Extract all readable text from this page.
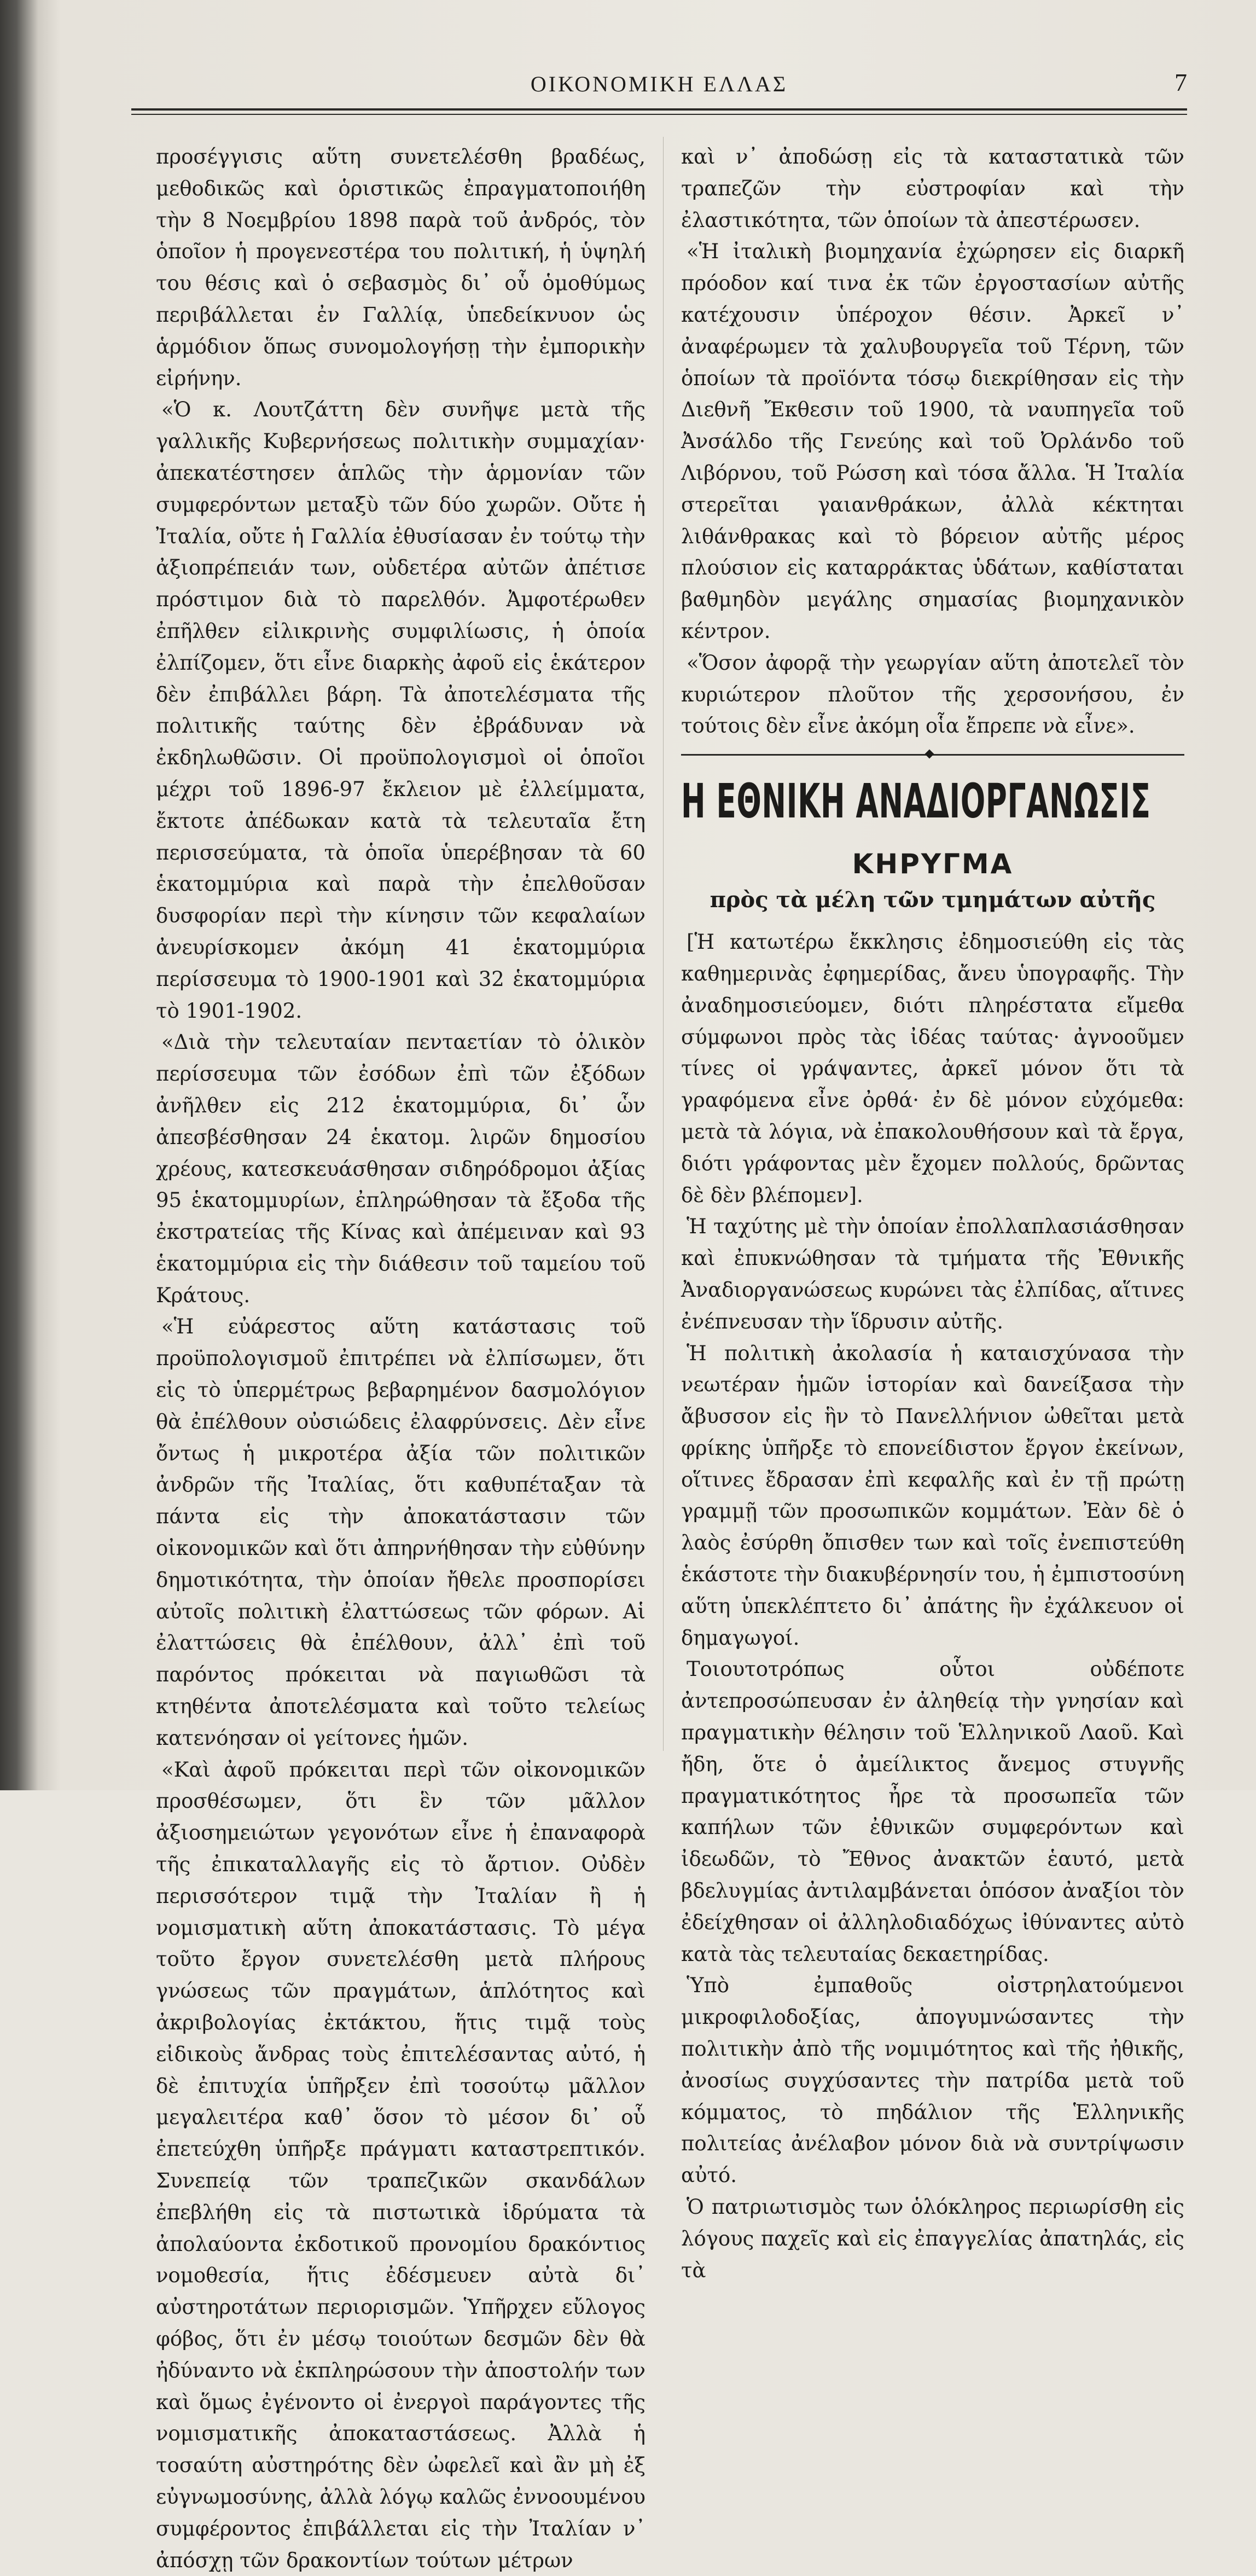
ΟΙΚΟΝΟΜΙΚΗ ΕΛΛΑΣ	7

προσέγγισις αὕτη συνετελέσθη βραδέως, μεθοδικῶς καὶ ὁριστικῶς ἐπραγματοποιήθη τὴν 8 Νοεμβρίου 1898 παρὰ τοῦ ἀνδρός, τὸν ὁποῖον ἡ προγενεστέρα του πολιτική, ἡ ὑψηλή του θέσις καὶ ὁ σεβασμὸς δι᾽ οὗ ὁμοθύμως περιβάλλεται ἐν Γαλλίᾳ, ὑπεδείκνυον ὡς ἁρμόδιον ὅπως συνομολογήσῃ τὴν ἐμπορικὴν εἰρήνην.

«Ὁ κ. Λουτζάττη δὲν συνῆψε μετὰ τῆς γαλλικῆς Κυβερνήσεως πολιτικὴν συμμαχίαν· ἀπεκατέστησεν ἁπλῶς τὴν ἁρμονίαν τῶν συμφερόντων μεταξὺ τῶν δύο χωρῶν. Οὔτε ἡ Ἰταλία, οὔτε ἡ Γαλλία ἐθυσίασαν ἐν τούτῳ τὴν ἀξιοπρέπειάν των, οὐδετέρα αὐτῶν ἀπέτισε πρόστιμον διὰ τὸ παρελθόν. Ἀμφοτέρωθεν ἐπῆλθεν εἰλικρινὴς συμφιλίωσις, ἡ ὁποία ἐλπίζομεν, ὅτι εἶνε διαρκὴς ἀφοῦ εἰς ἑκάτερον δὲν ἐπιβάλλει βάρη. Τὰ ἀποτελέσματα τῆς πολιτικῆς ταύτης δὲν ἐβράδυναν νὰ ἐκδηλωθῶσιν. Οἱ προϋπολογισμοὶ οἱ ὁποῖοι μέχρι τοῦ 1896-97 ἔκλειον μὲ ἐλλείμματα, ἔκτοτε ἀπέδωκαν κατὰ τὰ τελευταῖα ἔτη περισσεύματα, τὰ ὁποῖα ὑπερέβησαν τὰ 60 ἑκατομμύρια καὶ παρὰ τὴν ἐπελθοῦσαν δυσφορίαν περὶ τὴν κίνησιν τῶν κεφαλαίων ἀνευρίσκομεν ἀκόμη 41 ἑκατομμύρια περίσσευμα τὸ 1900-1901 καὶ 32 ἑκατομμύρια τὸ 1901-1902.

«Διὰ τὴν τελευταίαν πενταετίαν τὸ ὁλικὸν περίσσευμα τῶν ἐσόδων ἐπὶ τῶν ἐξόδων ἀνῆλθεν εἰς 212 ἑκατομμύρια, δι᾽ ὧν ἀπεσβέσθησαν 24 ἑκατομ. λιρῶν δημοσίου χρέους, κατεσκευάσθησαν σιδηρόδρομοι ἀξίας 95 ἑκατομμυρίων, ἐπληρώθησαν τὰ ἔξοδα τῆς ἐκστρατείας τῆς Κίνας καὶ ἀπέμειναν καὶ 93 ἑκατομμύρια εἰς τὴν διάθεσιν τοῦ ταμείου τοῦ Κράτους.

«Ἡ εὐάρεστος αὕτη κατάστασις τοῦ προϋπολογισμοῦ ἐπιτρέπει νὰ ἐλπίσωμεν, ὅτι εἰς τὸ ὑπερμέτρως βεβαρημένον δασμολόγιον θὰ ἐπέλθουν οὐσιώδεις ἐλαφρύνσεις. Δὲν εἶνε ὄντως ἡ μικροτέρα ἀξία τῶν πολιτικῶν ἀνδρῶν τῆς Ἰταλίας, ὅτι καθυπέταξαν τὰ πάντα εἰς τὴν ἀποκατάστασιν τῶν οἰκονομικῶν καὶ ὅτι ἀπηρνήθησαν τὴν εὐθύνην δημοτικότητα, τὴν ὁποίαν ἤθελε προσπορίσει αὐτοῖς πολιτικὴ ἐλαττώσεως τῶν φόρων. Αἱ ἐλαττώσεις θὰ ἐπέλθουν, ἀλλ᾽ ἐπὶ τοῦ παρόντος πρόκειται νὰ παγιωθῶσι τὰ κτηθέντα ἀποτελέσματα καὶ τοῦτο τελείως κατενόησαν οἱ γείτονες ἡμῶν.

«Καὶ ἀφοῦ πρόκειται περὶ τῶν οἰκονομικῶν προσθέσωμεν, ὅτι ἓν τῶν μᾶλλον ἀξιοσημειώτων γεγονότων εἶνε ἡ ἐπαναφορὰ τῆς ἐπικαταλλαγῆς εἰς τὸ ἄρτιον. Οὐδὲν περισσότερον τιμᾷ τὴν Ἰταλίαν ἢ ἡ νομισματικὴ αὕτη ἀποκατάστασις. Τὸ μέγα τοῦτο ἔργον συνετελέσθη μετὰ πλήρους γνώσεως τῶν πραγμάτων, ἁπλότητος καὶ ἀκριβολογίας ἐκτάκτου, ἥτις τιμᾷ τοὺς εἰδικοὺς ἄνδρας τοὺς ἐπιτελέσαντας αὐτό, ἡ δὲ ἐπιτυχία ὑπῆρξεν ἐπὶ τοσούτῳ μᾶλλον μεγαλειτέρα καθ᾽ ὅσον τὸ μέσον δι᾽ οὗ ἐπετεύχθη ὑπῆρξε πράγματι καταστρεπτικόν. Συνεπείᾳ τῶν τραπεζικῶν σκανδάλων ἐπεβλήθη εἰς τὰ πιστωτικὰ ἱδρύματα τὰ ἀπολαύοντα ἐκδοτικοῦ προνομίου δρακόντιος νομοθεσία, ἥτις ἐδέσμευεν αὐτὰ δι᾽ αὐστηροτάτων περιορισμῶν. Ὑπῆρχεν εὔλογος φόβος, ὅτι ἐν μέσῳ τοιούτων δεσμῶν δὲν θὰ ἠδύναντο νὰ ἐκπληρώσουν τὴν ἀποστολήν των καὶ ὅμως ἐγένοντο οἱ ἐνεργοὶ παράγοντες τῆς νομισματικῆς ἀποκαταστάσεως. Ἀλλὰ ἡ τοσαύτη αὐστηρότης δὲν ὠφελεῖ καὶ ἂν μὴ ἐξ εὐγνωμοσύνης, ἀλλὰ λόγῳ καλῶς ἐννοουμένου συμφέροντος ἐπιβάλλεται εἰς τὴν Ἰταλίαν ν᾽ ἀπόσχῃ τῶν δρακοντίων τούτων μέτρων

καὶ ν᾽ ἀποδώσῃ εἰς τὰ καταστατικὰ τῶν τραπεζῶν τὴν εὐστροφίαν καὶ τὴν ἐλαστικότητα, τῶν ὁποίων τὰ ἀπεστέρωσεν.

«Ἡ ἰταλικὴ βιομηχανία ἐχώρησεν εἰς διαρκῆ πρόοδον καί τινα ἐκ τῶν ἐργοστασίων αὐτῆς κατέχουσιν ὑπέροχον θέσιν. Ἀρκεῖ ν᾽ ἀναφέρωμεν τὰ χαλυβουργεῖα τοῦ Τέρνη, τῶν ὁποίων τὰ προϊόντα τόσῳ διεκρίθησαν εἰς τὴν Διεθνῆ Ἔκθεσιν τοῦ 1900, τὰ ναυπηγεῖα τοῦ Ἀνσάλδο τῆς Γενεύης καὶ τοῦ Ὀρλάνδο τοῦ Λιβόρνου, τοῦ Ρώσση καὶ τόσα ἄλλα. Ἡ Ἰταλία στερεῖται γαιανθράκων, ἀλλὰ κέκτηται λιθάνθρακας καὶ τὸ βόρειον αὐτῆς μέρος πλούσιον εἰς καταρράκτας ὑδάτων, καθίσταται βαθμηδὸν μεγάλης σημασίας βιομηχανικὸν κέντρον.

«Ὅσον ἀφορᾷ τὴν γεωργίαν αὕτη ἀποτελεῖ τὸν κυριώτερον πλοῦτον τῆς χερσονήσου, ἐν τούτοις δὲν εἶνε ἀκόμη οἷα ἔπρεπε νὰ εἶνε».

Η ΕΘΝΙΚΗ ΑΝΑΔΙΟΡΓΑΝΩΣΙΣ
ΚΗΡΥΓΜΑ
πρὸς τὰ μέλη τῶν τμημάτων αὐτῆς

[Ἡ κατωτέρω ἔκκλησις ἐδημοσιεύθη εἰς τὰς καθημερινὰς ἐφημερίδας, ἄνευ ὑπογραφῆς. Τὴν ἀναδημοσιεύομεν, διότι πληρέστατα εἴμεθα σύμφωνοι πρὸς τὰς ἰδέας ταύτας· ἀγνοοῦμεν τίνες οἱ γράψαντες, ἀρκεῖ μόνον ὅτι τὰ γραφόμενα εἶνε ὀρθά· ἐν δὲ μόνον εὐχόμεθα: μετὰ τὰ λόγια, νὰ ἐπακολουθήσουν καὶ τὰ ἔργα, διότι γράφοντας μὲν ἔχομεν πολλούς, δρῶντας δὲ δὲν βλέπομεν].

Ἡ ταχύτης μὲ τὴν ὁποίαν ἐπολλαπλασιάσθησαν καὶ ἐπυκνώθησαν τὰ τμήματα τῆς Ἐθνικῆς Ἀναδιοργανώσεως κυρώνει τὰς ἐλπίδας, αἵτινες ἐνέπνευσαν τὴν ἵδρυσιν αὐτῆς.

Ἡ πολιτικὴ ἀκολασία ἡ καταισχύνασα τὴν νεωτέραν ἡμῶν ἱστορίαν καὶ δανείξασα τὴν ἄβυσσον εἰς ἣν τὸ Πανελλήνιον ὠθεῖται μετὰ φρίκης ὑπῆρξε τὸ επονείδιστον ἔργον ἐκείνων, οἵτινες ἔδρασαν ἐπὶ κεφαλῆς καὶ ἐν τῇ πρώτῃ γραμμῇ τῶν προσωπικῶν κομμάτων. Ἐὰν δὲ ὁ λαὸς ἐσύρθη ὄπισθεν των καὶ τοῖς ἐνεπιστεύθη ἑκάστοτε τὴν διακυβέρνησίν του, ἡ ἐμπιστοσύνη αὕτη ὑπεκλέπτετο δι᾽ ἀπάτης ἣν ἐχάλκευον οἱ δημαγωγοί.

Τοιουτοτρόπως οὗτοι οὐδέποτε ἀντεπροσώπευσαν ἐν ἀληθείᾳ τὴν γνησίαν καὶ πραγματικὴν θέλησιν τοῦ Ἑλληνικοῦ Λαοῦ. Καὶ ἤδη, ὅτε ὁ ἀμείλικτος ἄνεμος στυγνῆς πραγματικότητος ἦρε τὰ προσωπεῖα τῶν καπήλων τῶν ἐθνικῶν συμφερόντων καὶ ἰδεωδῶν, τὸ Ἔθνος ἀνακτῶν ἑαυτό, μετὰ βδελυγμίας ἀντιλαμβάνεται ὁπόσον ἀναξίοι τὸν ἐδείχθησαν οἱ ἀλληλοδιαδόχως ἰθύναντες αὐτὸ κατὰ τὰς τελευταίας δεκαετηρίδας.

Ὑπὸ ἐμπαθοῦς οἰστρηλατούμενοι μικροφιλοδοξίας, ἀπογυμνώσαντες τὴν πολιτικὴν ἀπὸ τῆς νομιμότητος καὶ τῆς ἠθικῆς, ἀνοσίως συγχύσαντες τὴν πατρίδα μετὰ τοῦ κόμματος, τὸ πηδάλιον τῆς Ἑλληνικῆς πολιτείας ἀνέλαβον μόνον διὰ νὰ συντρίψωσιν αὐτό.

Ὁ πατριωτισμὸς των ὁλόκληρος περιωρίσθη εἰς λόγους παχεῖς καὶ εἰς ἐπαγγελίας ἀπατηλάς, εἰς τὰ
